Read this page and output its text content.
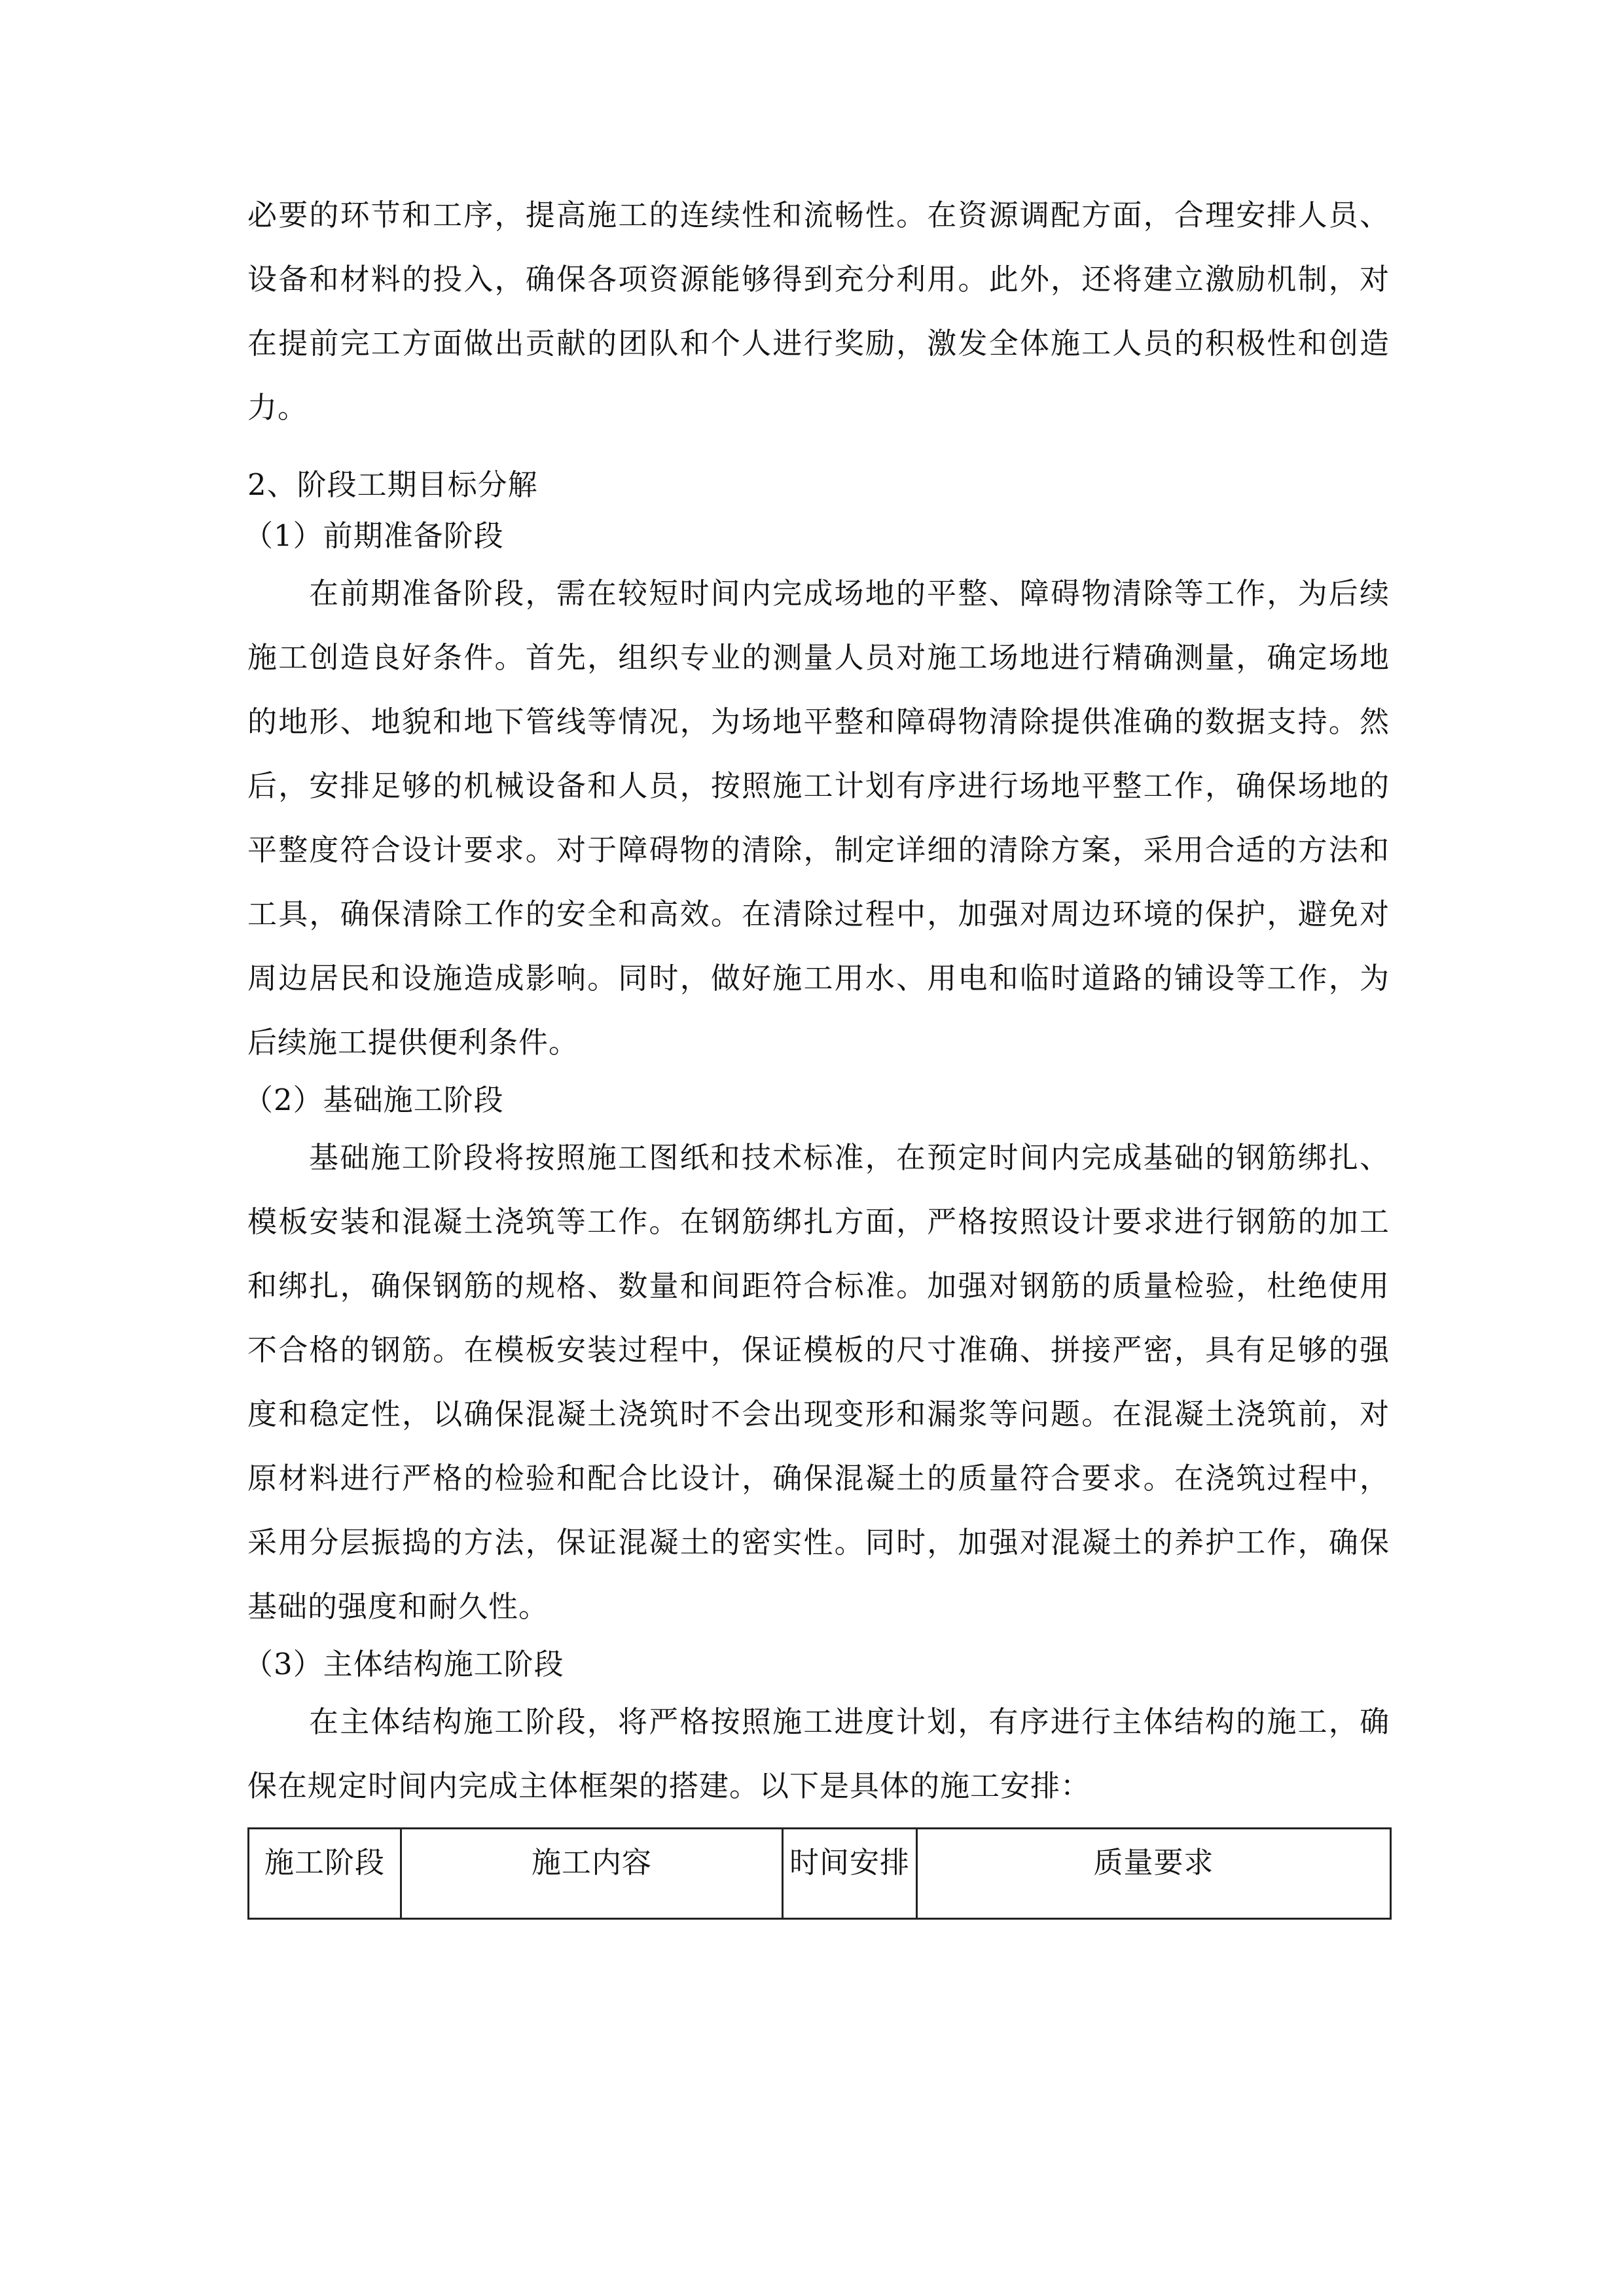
必要的环节和工序，提高施工的连续性和流畅性。在资源调配方面，合理安排人员、设备和材料的投入，确保各项资源能够得到充分利用。此外，还将建立激励机制，对在提前完工方面做出贡献的团队和个人进行奖励，激发全体施工人员的积极性和创造力。

2、阶段工期目标分解

（1）前期准备阶段

在前期准备阶段，需在较短时间内完成场地的平整、障碍物清除等工作，为后续施工创造良好条件。首先，组织专业的测量人员对施工场地进行精确测量，确定场地的地形、地貌和地下管线等情况，为场地平整和障碍物清除提供准确的数据支持。然后，安排足够的机械设备和人员，按照施工计划有序进行场地平整工作，确保场地的平整度符合设计要求。对于障碍物的清除，制定详细的清除方案，采用合适的方法和工具，确保清除工作的安全和高效。在清除过程中，加强对周边环境的保护，避免对周边居民和设施造成影响。同时，做好施工用水、用电和临时道路的铺设等工作，为后续施工提供便利条件。

（2）基础施工阶段

基础施工阶段将按照施工图纸和技术标准，在预定时间内完成基础的钢筋绑扎、模板安装和混凝土浇筑等工作。在钢筋绑扎方面，严格按照设计要求进行钢筋的加工和绑扎，确保钢筋的规格、数量和间距符合标准。加强对钢筋的质量检验，杜绝使用不合格的钢筋。在模板安装过程中，保证模板的尺寸准确、拼接严密，具有足够的强度和稳定性，以确保混凝土浇筑时不会出现变形和漏浆等问题。在混凝土浇筑前，对原材料进行严格的检验和配合比设计，确保混凝土的质量符合要求。在浇筑过程中，采用分层振捣的方法，保证混凝土的密实性。同时，加强对混凝土的养护工作，确保基础的强度和耐久性。

（3）主体结构施工阶段

在主体结构施工阶段，将严格按照施工进度计划，有序进行主体结构的施工，确保在规定时间内完成主体框架的搭建。以下是具体的施工安排：

施工阶段	施工内容	时间安排	质量要求
